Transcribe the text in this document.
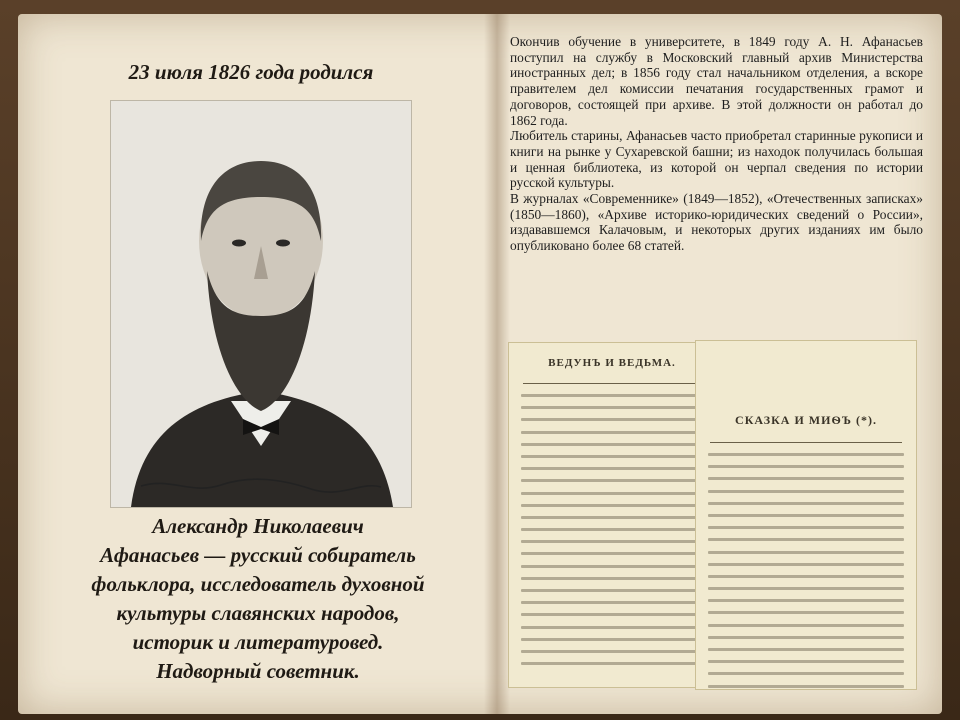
23 июля 1826 года родился
Александр Николаевич
Афанасьев — русский собиратель
фольклора, исследователь духовной
культуры славянских народов,
историк и литературовед.
Надворный советник.

Окончив обучение в университете, в 1849 году А. Н. Афанасьев поступил на службу в Московский главный архив Министерства иностранных дел; в 1856 году стал начальником отделения, а вскоре правителем дел комиссии печатания государственных грамот и договоров, состоящей при архиве. В этой должности он работал до 1862 года.

Любитель старины, Афанасьев часто приобретал старинные рукописи и книги на рынке у Сухаревской башни; из находок получилась большая и ценная библиотека, из которой он черпал сведения по истории русской культуры.

В журналах «Современнике» (1849—1852), «Отечественных записках» (1850—1860), «Архиве историко-юридических сведений о России», издававшемся Калачовым, и некоторых других изданиях им было опубликовано более 68 статей.

ВЕДУНЪ И ВЕДЬМА.
СКАЗКА И МИѲЪ (*).
